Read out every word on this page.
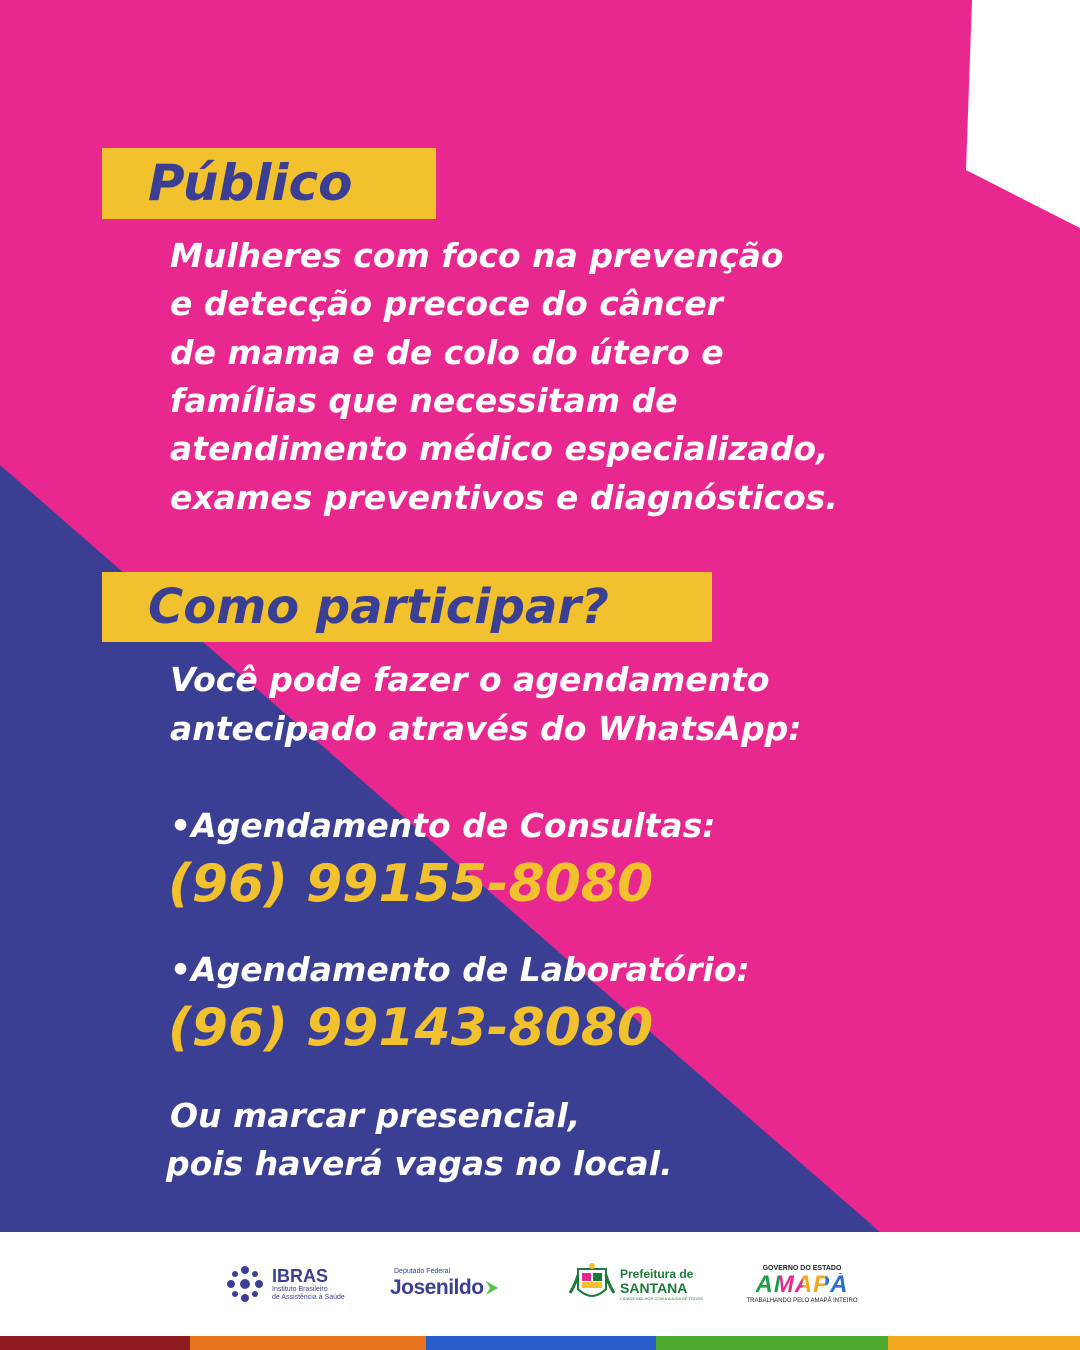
Público
Mulheres com foco na prevenção
e detecção precoce do câncer
de mama e de colo do útero e
famílias que necessitam de
atendimento médico especializado,
exames preventivos e diagnósticos.
Como participar?
Você pode fazer o agendamento
antecipado através do WhatsApp:
•Agendamento de Consultas:
(96) 99155-8080
•Agendamento de Laboratório:
(96) 99143-8080
Ou marcar presencial,
pois haverá vagas no local.
IBRAS
Instituto Brasileiro
de Assistência à Saúde
Deputado Federal
Josenildo
Prefeitura de
SANTANA
CIDADE MELHOR COM A AJUDA DE TODOS
GOVERNO DO ESTADO
AMAPÁ
TRABALHANDO PELO AMAPÁ INTEIRO
